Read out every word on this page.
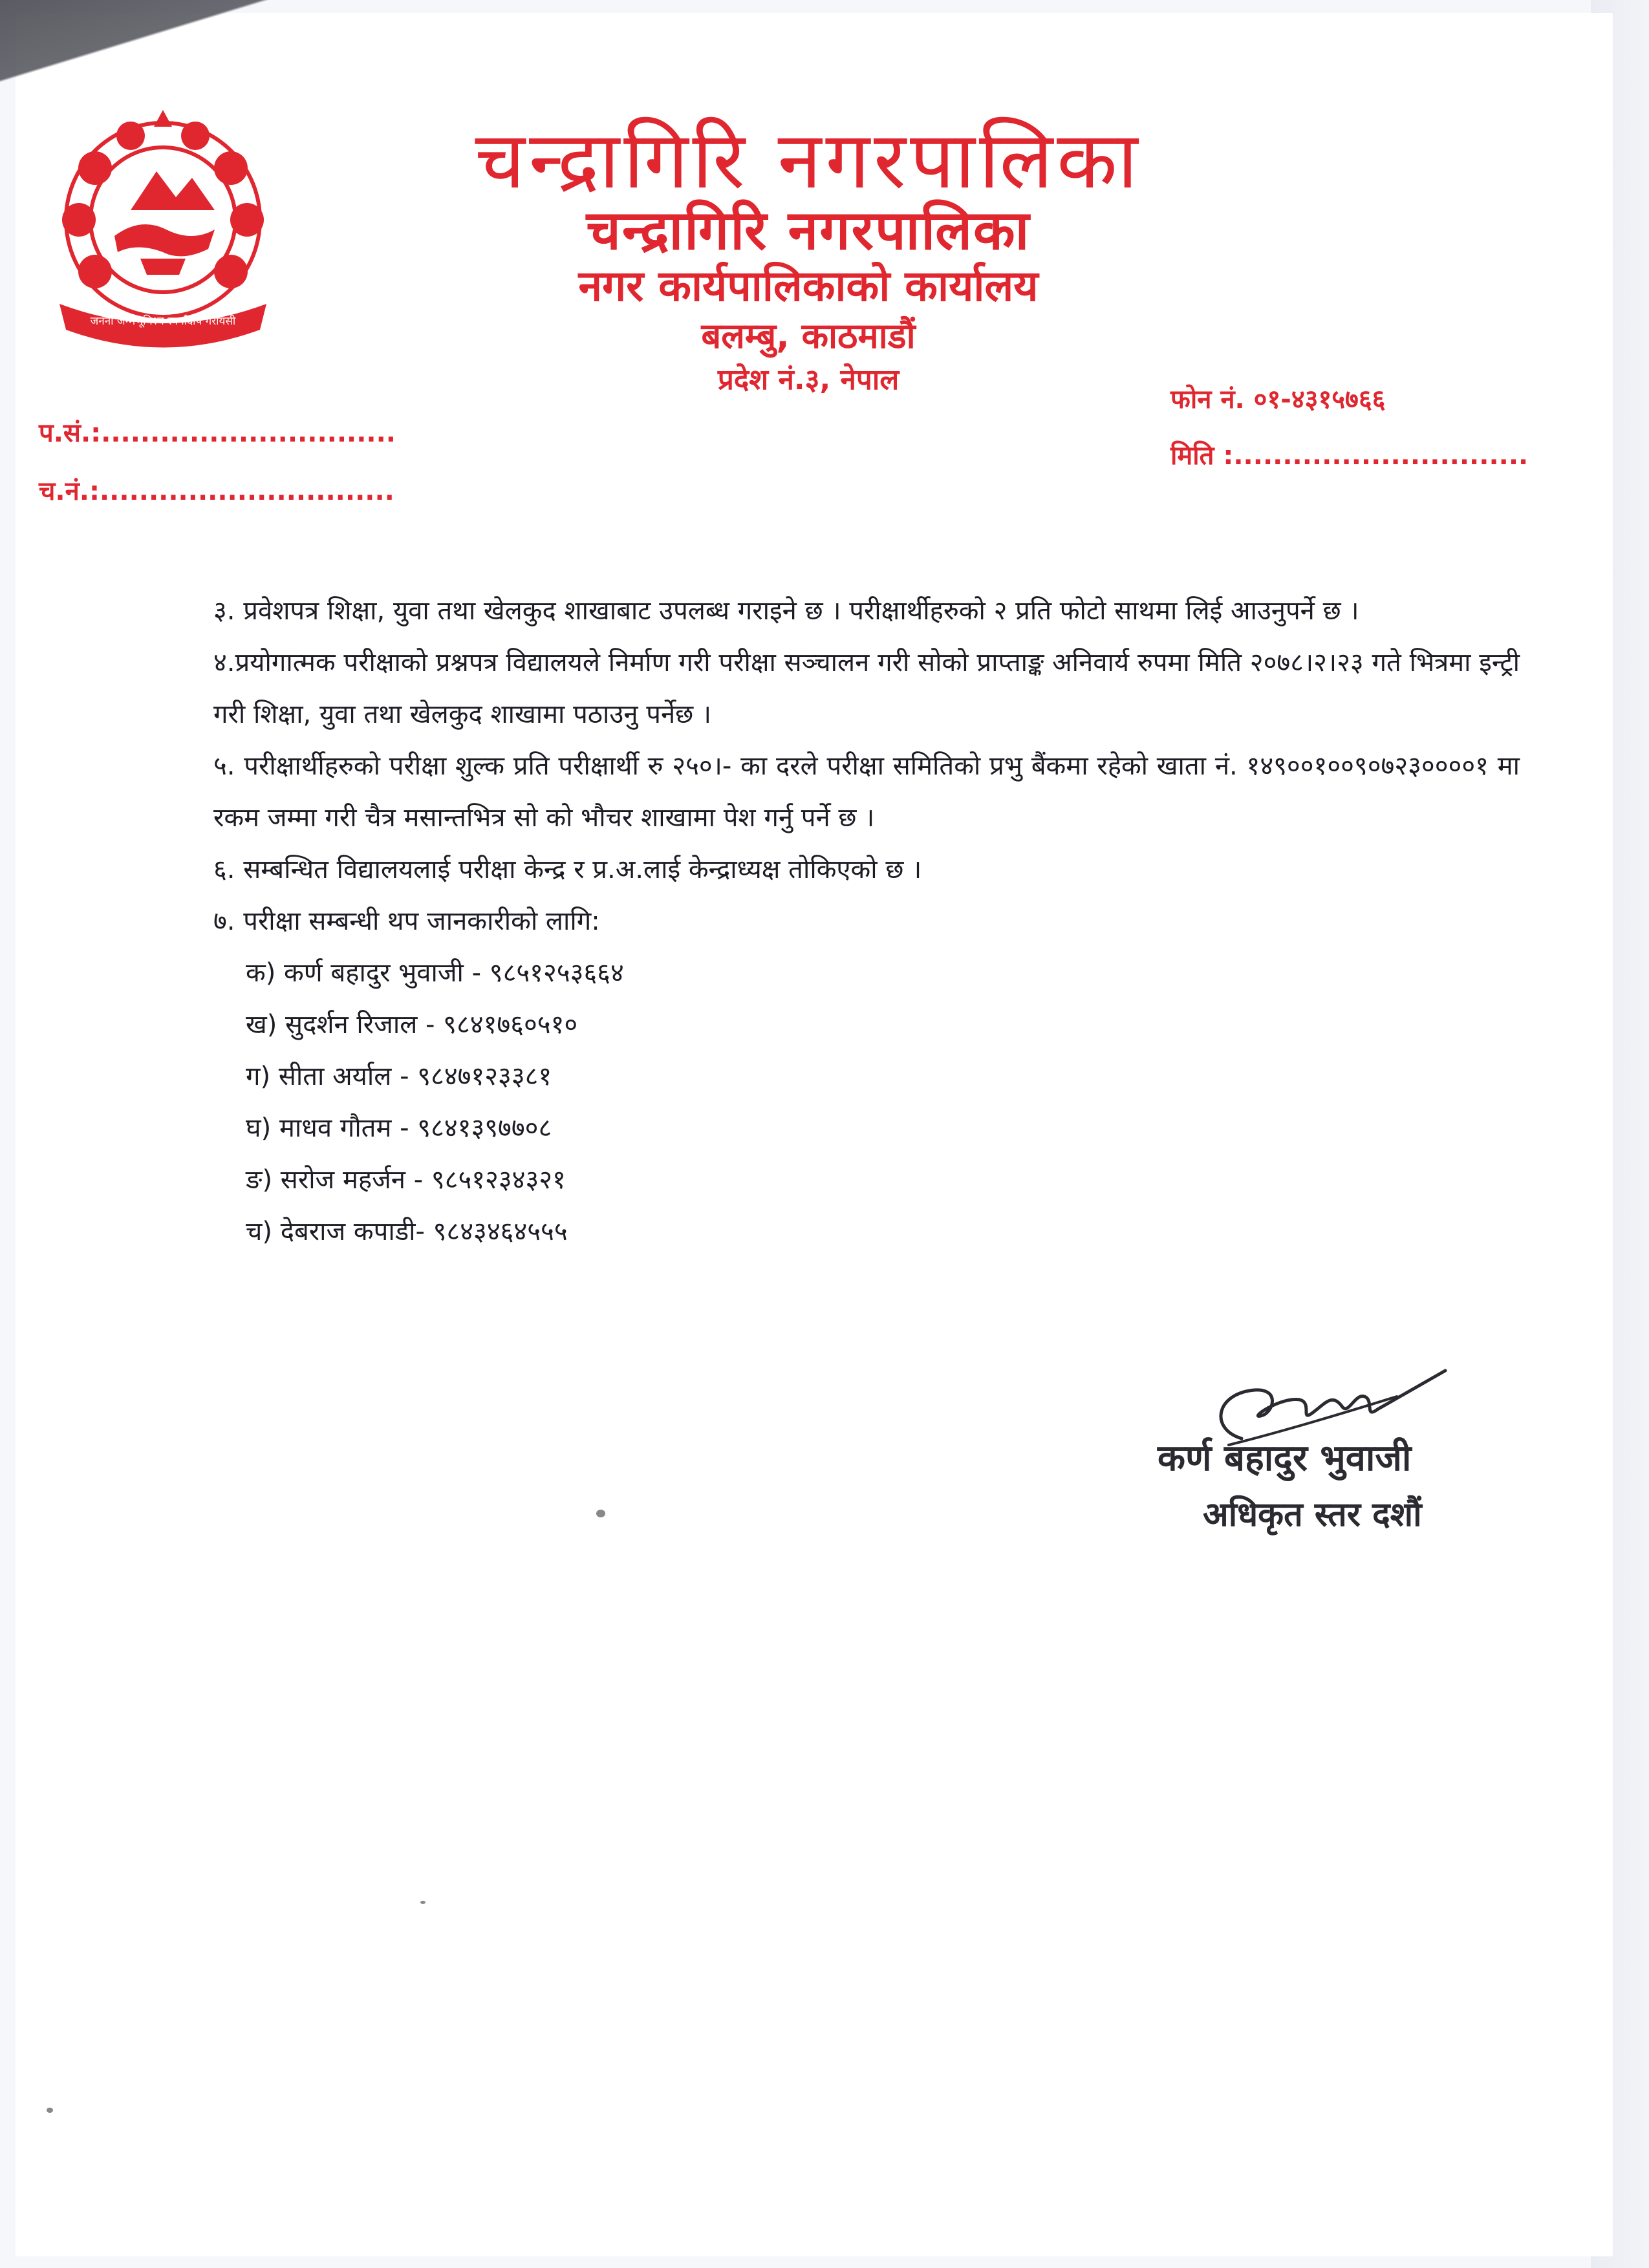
जननी जन्मभूमिश्च स्वर्गादपि गरीयसी
चन्द्रागिरि नगरपालिका
चन्द्रागिरि नगरपालिका
नगर कार्यपालिकाको कार्यालय
बलम्बु, काठमाडौं
प्रदेश नं.३, नेपाल
प.सं.:..............................
च.नं.:..............................
फोन नं. ०१-४३१५७६६
मिति :..............................

३. प्रवेशपत्र शिक्षा, युवा तथा खेलकुद शाखाबाट उपलब्ध गराइने छ । परीक्षार्थीहरुको २ प्रति फोटो साथमा लिई आउनुपर्ने छ ।

४.प्रयोगात्मक परीक्षाको प्रश्नपत्र विद्यालयले निर्माण गरी परीक्षा सञ्चालन गरी सोको प्राप्ताङ्क अनिवार्य रुपमा मिति २०७८।२।२३ गते भित्रमा इन्ट्री गरी शिक्षा, युवा तथा खेलकुद शाखामा पठाउनु पर्नेछ ।

५. परीक्षार्थीहरुको परीक्षा शुल्क प्रति परीक्षार्थी रु २५०।- का दरले परीक्षा समितिको प्रभु बैंकमा रहेको खाता नं. १४९००१००९०७२३००००१ मा रकम जम्मा गरी चैत्र मसान्तभित्र सो को भौचर शाखामा पेश गर्नु पर्ने छ ।

६. सम्बन्धित विद्यालयलाई परीक्षा केन्द्र र प्र.अ.लाई केन्द्राध्यक्ष तोकिएको छ ।

७. परीक्षा सम्बन्धी थप जानकारीको लागि:

क) कर्ण बहादुर भुवाजी - ९८५१२५३६६४
ख) सुदर्शन रिजाल - ९८४१७६०५१०
ग) सीता अर्याल - ९८४७१२३३८१
घ) माधव गौतम - ९८४१३९७७०८
ङ) सरोज महर्जन - ९८५१२३४३२१
च) देबराज कपाडी- ९८४३४६४५५५
कर्ण बहादुर भुवाजी
अधिकृत स्तर दशौं
